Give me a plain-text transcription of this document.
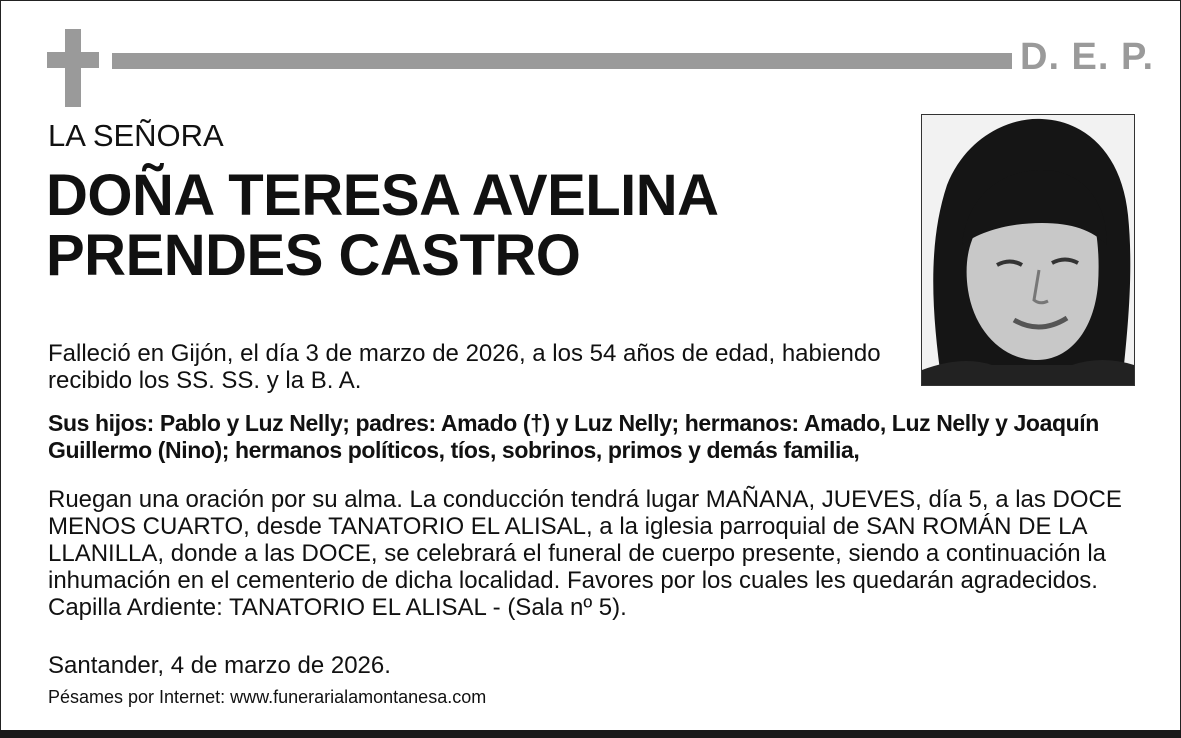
D. E. P.
LA SEÑORA
DOÑA TERESA AVELINA
PRENDES CASTRO
Falleció en Gijón, el día 3 de marzo de 2026, a los 54 años de edad, habiendo recibido los SS. SS. y la B. A.
Sus hijos: Pablo y Luz Nelly; padres: Amado (†) y Luz Nelly; hermanos: Amado, Luz Nelly y Joaquín Guillermo (Nino); hermanos políticos, tíos, sobrinos, primos y demás familia,
Ruegan una oración por su alma. La conducción tendrá lugar MAÑANA, JUEVES, día 5, a las DOCE MENOS CUARTO, desde TANATORIO EL ALISAL, a la iglesia parroquial de SAN ROMÁN DE LA LLANILLA, donde a las DOCE, se celebrará el funeral de cuerpo presente, siendo a continuación la inhumación en el cementerio de dicha localidad. Favores por los cuales les quedarán agradecidos. Capilla Ardiente: TANATORIO EL ALISAL - (Sala nº 5).
Santander, 4 de marzo de 2026.
Pésames por Internet: www.funerarialamontanesa.com
